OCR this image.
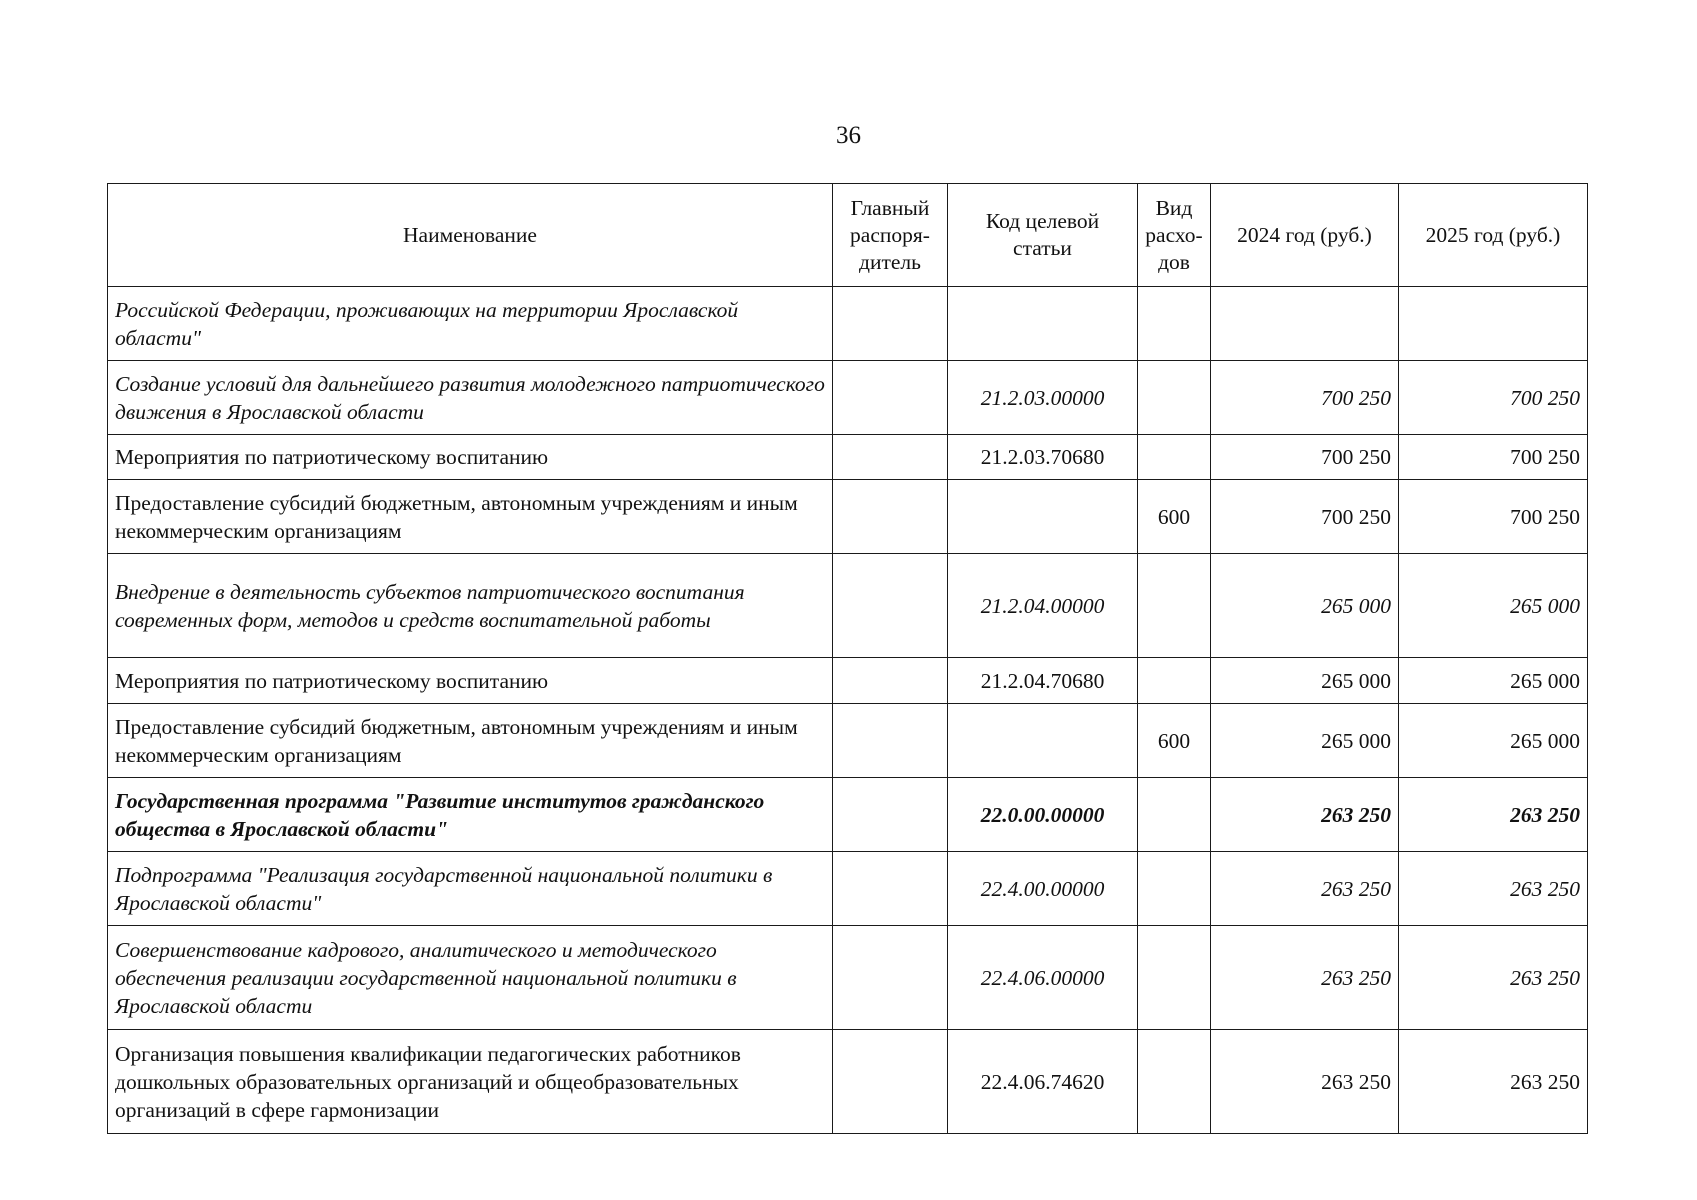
36
Наименование	Главный распоря-дитель	Код целевой статьи	Вид расхо-дов	2024 год (руб.)	2025 год (руб.)
Российской Федерации, проживающих на территории Ярославской области"					
Создание условий для дальнейшего развития молодежного патриотического движения в Ярославской области		21.2.03.00000		700 250	700 250
Мероприятия по патриотическому воспитанию		21.2.03.70680		700 250	700 250
Предоставление субсидий бюджетным, автономным учреждениям и иным некоммерческим организациям			600	700 250	700 250
Внедрение в деятельность субъектов патриотического воспитания современных форм, методов и средств воспитательной работы		21.2.04.00000		265 000	265 000
Мероприятия по патриотическому воспитанию		21.2.04.70680		265 000	265 000
Предоставление субсидий бюджетным, автономным учреждениям и иным некоммерческим организациям			600	265 000	265 000
Государственная программа "Развитие институтов гражданского общества в Ярославской области"		22.0.00.00000		263 250	263 250
Подпрограмма "Реализация государственной национальной политики в Ярославской области"		22.4.00.00000		263 250	263 250
Совершенствование кадрового, аналитического и методического обеспечения реализации государственной национальной политики в Ярославской области		22.4.06.00000		263 250	263 250
Организация повышения квалификации педагогических работников дошкольных образовательных организаций и общеобразовательных организаций в сфере гармонизации		22.4.06.74620		263 250	263 250
